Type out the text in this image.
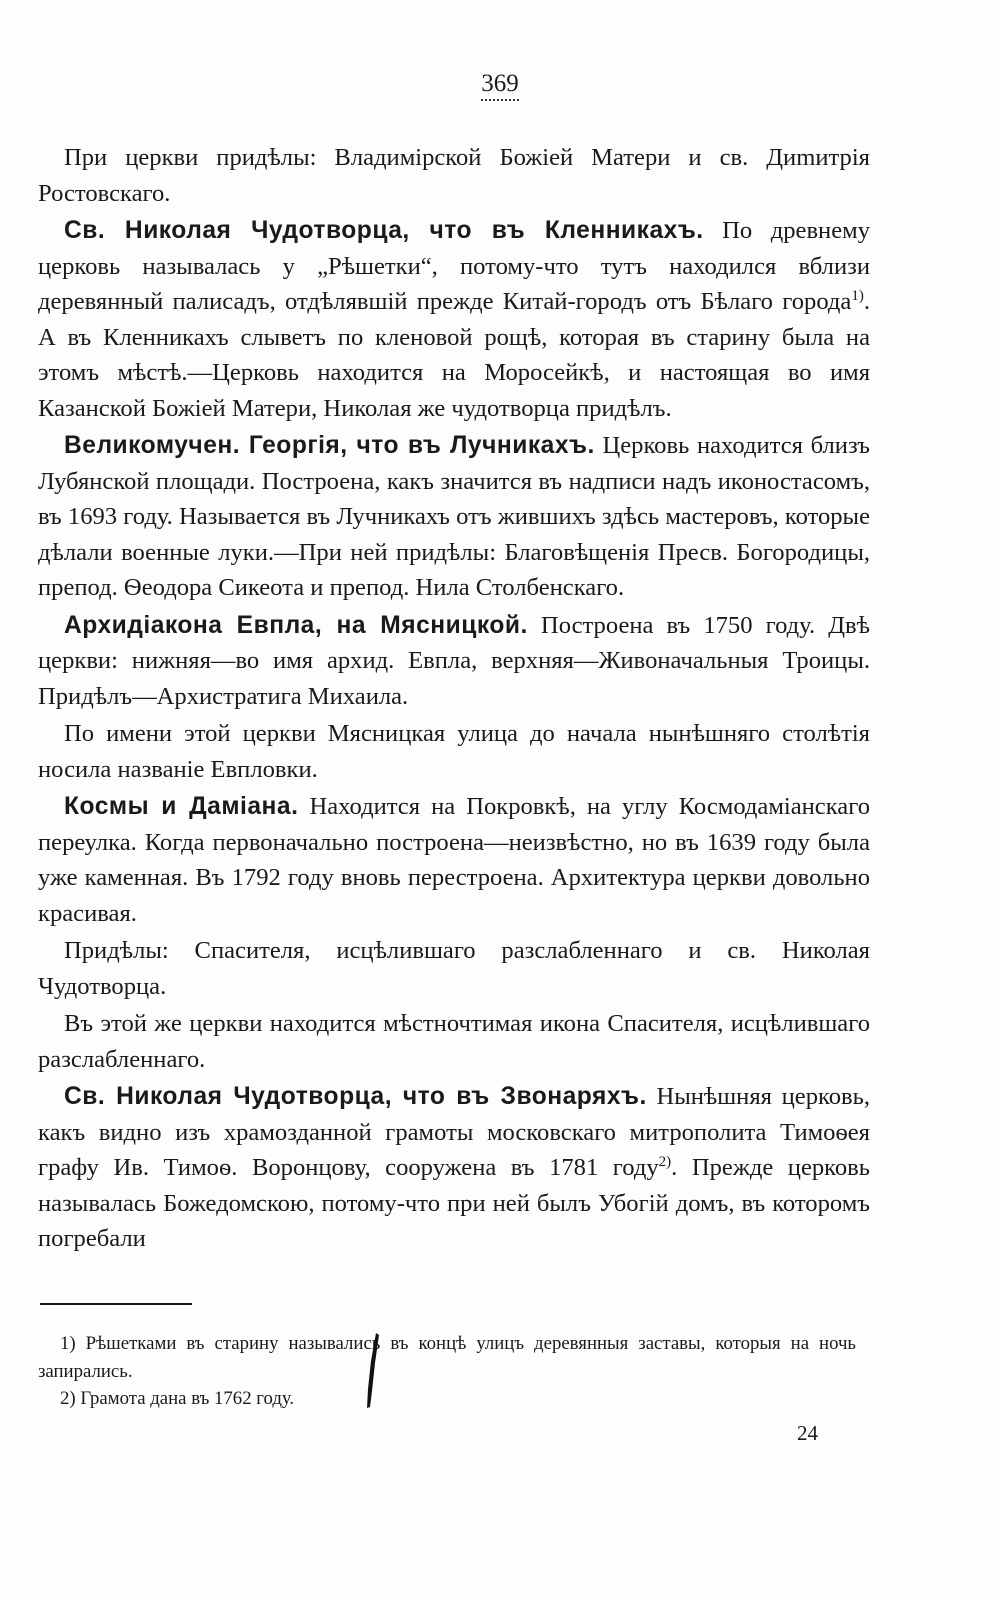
369

При церкви придѣлы: Владимірской Божіей Матери и св. Диmитрія Ростовскаго.

Св. Николая Чудотворца, что въ Кленникахъ. По древнему церковь называлась у „Рѣшетки“, потому-что тутъ находился вблизи деревянный палисадъ, отдѣлявшій прежде Китай-городъ отъ Бѣлаго города$^{1)}$. А въ Кленникахъ слыветъ по кленовой рощѣ, которая въ старину была на этомъ мѣстѣ.—Церковь находится на Моросейкѣ, и настоящая во имя Казанской Божіей Матери, Николая же чудотворца придѣлъ.

Великомучен. Георгія, что въ Лучникахъ. Церковь находится близъ Лубянской площади. Построена, какъ значится въ надписи надъ иконостасомъ, въ 1693 году. Называется въ Лучникахъ отъ жившихъ здѣсь мастеровъ, которые дѣлали военные луки.—При ней придѣлы: Благовѣщенія Пресв. Богородицы, препод. Ѳеодора Сикеота и препод. Нила Столбенскаго.

Архидіакона Евпла, на Мясницкой. Построена въ 1750 году. Двѣ церкви: нижняя—во имя архид. Евпла, верхняя—Живоначальныя Троицы. Придѣлъ—Архистратига Михаила.

По имени этой церкви Мясницкая улица до начала нынѣшняго столѣтія носила названіе Евпловки.

Космы и Даміана. Находится на Покровкѣ, на углу Космодаміанскаго переулка. Когда первоначально построена—неизвѣстно, но въ 1639 году была уже каменная. Въ 1792 году вновь перестроена. Архитектура церкви довольно красивая.

Придѣлы: Спасителя, исцѣлившаго разслабленнаго и св. Николая Чудотворца.

Въ этой же церкви находится мѣстночтимая икона Спасителя, исцѣлившаго разслабленнаго.

Св. Николая Чудотворца, что въ Звонаряхъ. Нынѣшняя церковь, какъ видно изъ храмозданной грамоты московскаго митрополита Тимоѳея графу Ив. Тимоѳ. Воронцову, сооружена въ 1781 году$^{2)}$. Прежде церковь называлась Божедомскою, потому-что при ней былъ Убогій домъ, въ которомъ погребали

1) Рѣшетками въ старину назывались въ концѣ улицъ деревянныя заставы, которыя на ночь запирались.

2) Грамота дана въ 1762 году.

24
